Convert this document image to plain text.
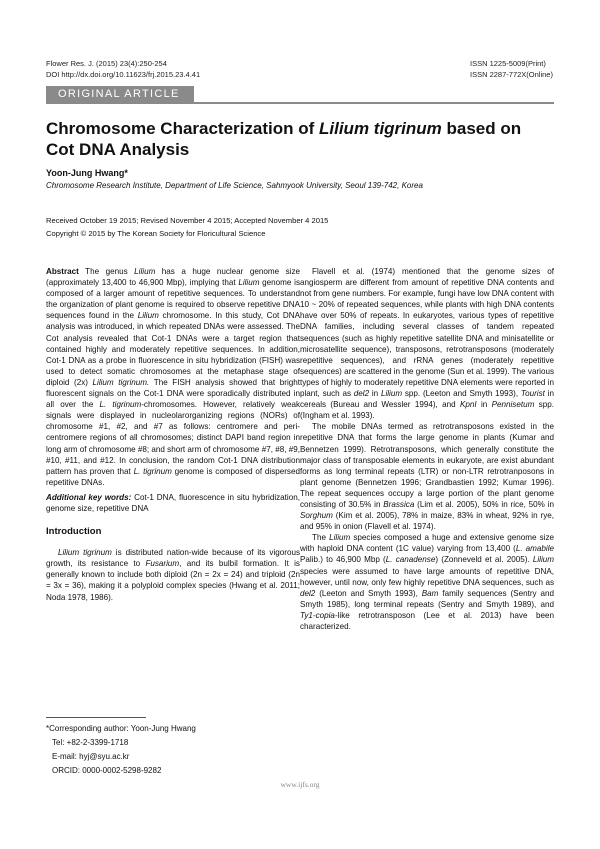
Flower Res. J. (2015) 23(4):250-254
DOI http://dx.doi.org/10.11623/frj.2015.23.4.41
ISSN 1225-5009(Print)
ISSN 2287-772X(Online)
ORIGINAL ARTICLE
Chromosome Characterization of Lilium tigrinum based on Cot DNA Analysis
Yoon-Jung Hwang*
Chromosome Research Institute, Department of Life Science, Sahmyook University, Seoul 139-742, Korea
Received October 19 2015; Revised November 4 2015; Accepted November 4 2015
Copyright © 2015 by The Korean Society for Floricultural Science

Abstract The genus Lilium has a huge nuclear genome size (approximately 13,400 to 46,900 Mbp), implying that Lilium genome is composed of a larger amount of repetitive sequences. To understand the organization of plant genome is required to observe repetitive DNA sequences found in the Lilium chromosome. In this study, Cot DNA analysis was introduced, in which repeated DNAs were assessed. The Cot analysis revealed that Cot-1 DNAs were a target region that contained highly and moderately repetitive sequences. In addition, Cot-1 DNA as a probe in fluorescence in situ hybridization (FISH) was used to detect somatic chromosomes at the metaphase stage of diploid (2x) Lilium tigrinum. The FISH analysis showed that bright fluorescent signals on the Cot-1 DNA were sporadically distributed in all over the L. tigrinum-chromosomes. However, relatively weak signals were displayed in nucleolarorganizing regions (NORs) of chromosome #1, #2, and #7 as follows: centromere and peri-centromere regions of all chromosomes; distinct DAPI band region in long arm of chromosome #8; and short arm of chromosome #7, #8, #9, #10, #11, and #12. In conclusion, the random Cot-1 DNA distribution pattern has proven that L. tigrinum genome is composed of dispersed repetitive DNAs.

Additional key words: Cot-1 DNA, fluorescence in situ hybridization, genome size, repetitive DNA

Introduction

Lilium tigrinum is distributed nation-wide because of its vigorous growth, its resistance to Fusarium, and its bulbil formation. It is generally known to include both diploid (2n = 2x = 24) and triploid (2n = 3x = 36), making it a polyploid complex species (Hwang et al. 2011; Noda 1978, 1986).

*Corresponding author: Yoon-Jung Hwang
Tel: +82-2-3399-1718
E-mail: hyj@syu.ac.kr
ORCID: 0000-0002-5298-9282

Flavell et al. (1974) mentioned that the genome sizes of angiosperm are different from amount of repetitive DNA contents and not from gene numbers. For example, fungi have low DNA content with 10 ~ 20% of repeated sequences, while plants with high DNA contents have over 50% of repeats. In eukaryotes, various types of repetitive DNA families, including several classes of tandem repeated sequences (such as highly repetitive satellite DNA and minisatellite or microsatellite sequence), transposons, retrotransposons (moderately repetitive sequences), and rRNA genes (moderately repetitive sequences) are scattered in the genome (Sun et al. 1999). The various types of highly to moderately repetitive DNA elements were reported in plant, such as del2 in Lilium spp. (Leeton and Smyth 1993), Tourist in cereals (Bureau and Wessler 1994), and KpnI in Pennisetum spp. (Ingham et al. 1993).

The mobile DNAs termed as retrotransposons existed in the repetitive DNA that forms the large genome in plants (Kumar and Bennetzen 1999). Retrotransposons, which generally constitute the major class of transposable elements in eukaryote, are exist abundant forms as long terminal repeats (LTR) or non-LTR retrotranposons in plant genome (Bennetzen 1996; Grandbastien 1992; Kumar 1996). The repeat sequences occupy a large portion of the plant genome consisting of 30.5% in Brassica (Lim et al. 2005), 50% in rice, 50% in Sorghum (Kim et al. 2005), 78% in maize, 83% in wheat, 92% in rye, and 95% in onion (Flavell et al. 1974).

The Lilium species composed a huge and extensive genome size with haploid DNA content (1C value) varying from 13,400 (L. amabile Palib.) to 46,900 Mbp (L. canadense) (Zonneveld et al. 2005). Lilium species were assumed to have large amounts of repetitive DNA, however, until now, only few highly repetitive DNA sequences, such as del2 (Leeton and Smyth 1993), Bam family sequences (Sentry and Smyth 1985), long terminal repeats (Sentry and Smyth 1989), and Ty1-copia-like retrotransposon (Lee et al. 2013) have been characterized.

www.ijfs.org
